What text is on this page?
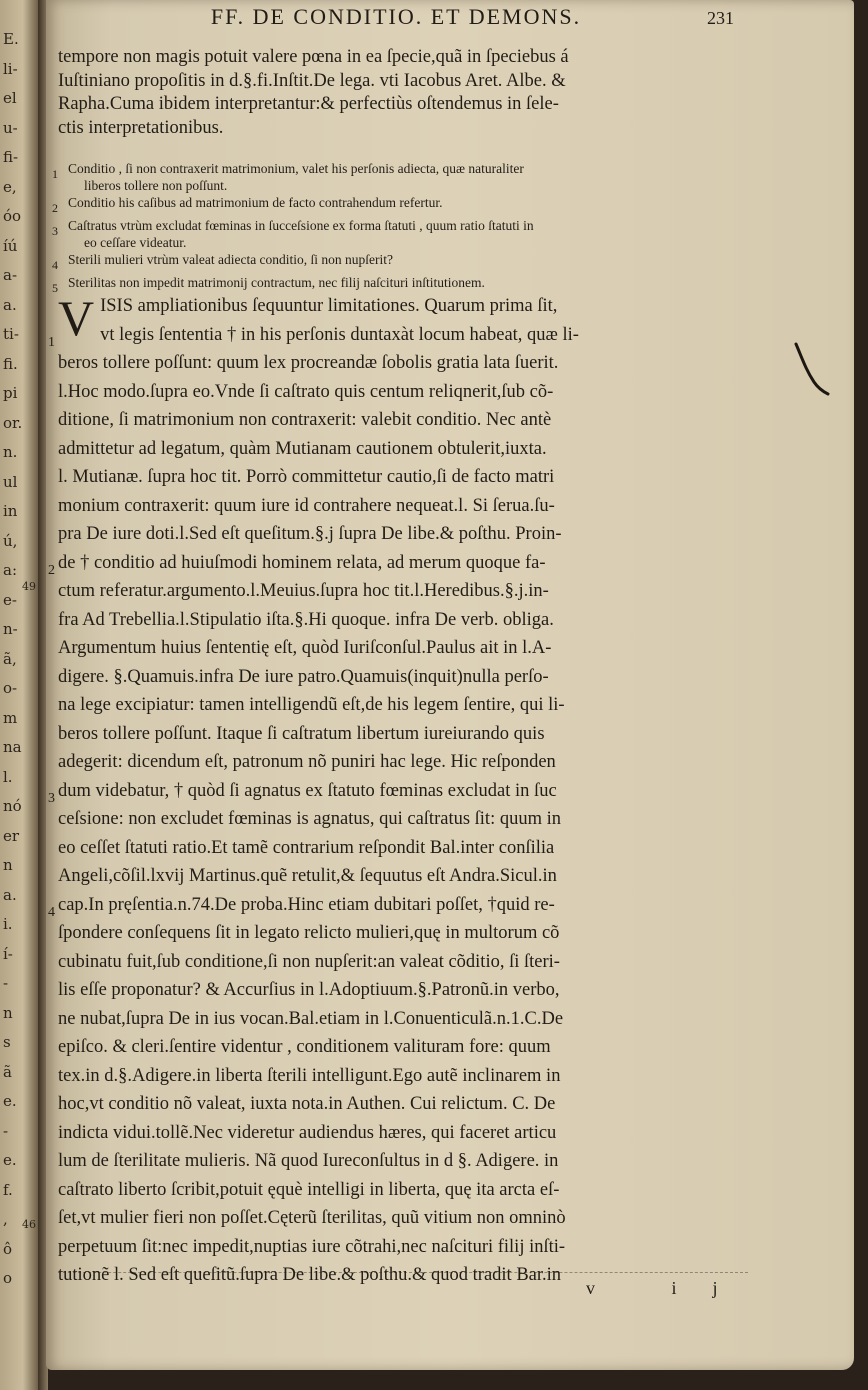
E.
li-
el
u-
fi-
e,
óo
íú
a-
a.
ti-
fi.
pi
or.
n.
ul
in
ú,
a:
e-
n-
ã,
o-
m
na
l.
nó
er
n
a.
i.
í-
-
n
s
ã
e.
-
e.
f.
,
ô
o
49
46
FF. DE CONDITIO. ET DEMONS.	231
tempore non magis potuit valere pœna in ea ſpecie,quã in ſpeciebus á
Iuſtiniano propoſitis in d.§.fi.Inſtit.De lega. vti Iacobus Aret. Albe. &
Rapha.Cuma ibidem interpretantur:& perfectiùs oſtendemus in ſele-
ctis interpretationibus.
1 Conditio , ſi non contraxerit matrimonium, valet his perſonis adiecta, quæ naturaliter
liberos tollere non poſſunt.
2 Conditio his caſibus ad matrimonium de facto contrahendum refertur.
3 Caſtratus vtrùm excludat fœminas in ſucceſsione ex forma ſtatuti , quum ratio ſtatuti in
eo ceſſare videatur.
4 Sterili mulieri vtrùm valeat adiecta conditio, ſi non nupſerit?
5 Sterilitas non impedit matrimonij contractum, nec filij naſcituri inſtitutionem.
V ISIS ampliationibus ſequuntur limitationes. Quarum prima ſit,
vt legis ſententia † in his perſonis duntaxàt locum habeat, quæ li-
beros tollere poſſunt: quum lex procreandæ ſobolis gratia lata ſuerit.
l.Hoc modo.ſupra eo.Vnde ſi caſtrato quis centum reliqnerit,ſub cõ-
ditione, ſi matrimonium non contraxerit: valebit conditio. Nec antè
admittetur ad legatum, quàm Mutianam cautionem obtulerit,iuxta.
l. Mutianæ. ſupra hoc tit. Porrò committetur cautio,ſi de facto matri
monium contraxerit: quum iure id contrahere nequeat.l. Si ſerua.ſu-
pra De iure doti.l.Sed eſt queſitum.§.j ſupra De libe.& poſthu. Proin-
de † conditio ad huiuſmodi hominem relata, ad merum quoque fa-
ctum referatur.argumento.l.Meuius.ſupra hoc tit.l.Heredibus.§.j.in-
fra Ad Trebellia.l.Stipulatio iſta.§.Hi quoque. infra De verb. obliga.
Argumentum huius ſententię eſt, quòd Iuriſconſul.Paulus ait in l.A-
digere. §.Quamuis.infra De iure patro.Quamuis(inquit)nulla perſo-
na lege excipiatur: tamen intelligendũ eſt,de his legem ſentire, qui li-
beros tollere poſſunt. Itaque ſi caſtratum libertum iureiurando quis
adegerit: dicendum eſt, patronum nõ puniri hac lege. Hic reſponden
dum videbatur, † quòd ſi agnatus ex ſtatuto fœminas excludat in ſuc
ceſsione: non excludet fœminas is agnatus, qui caſtratus ſit: quum in
eo ceſſet ſtatuti ratio.Et tamẽ contrarium reſpondit Bal.inter conſilia
Angeli,cõſil.lxvij Martinus.quẽ retulit,& ſequutus eſt Andra.Sicul.in
cap.In pręſentia.n.74.De proba.Hinc etiam dubitari poſſet, †quid re-
ſpondere conſequens ſit in legato relicto mulieri,quę in multorum cõ
cubinatu fuit,ſub conditione,ſi non nupſerit:an valeat cõditio, ſi ſteri-
lis eſſe proponatur? & Accurſius in l.Adoptiuum.§.Patronũ.in verbo,
ne nubat,ſupra De in ius vocan.Bal.etiam in l.Conuenticulã.n.1.C.De
epiſco. & cleri.ſentire videntur , conditionem valituram fore: quum
tex.in d.§.Adigere.in liberta ſterili intelligunt.Ego autẽ inclinarem in
hoc,vt conditio nõ valeat, iuxta nota.in Authen. Cui relictum. C. De
indicta vidui.tollẽ.Nec videretur audiendus hæres, qui faceret articu
lum de ſterilitate mulieris. Nã quod Iureconſultus in d §. Adigere. in
caſtrato liberto ſcribit,potuit ęquè intelligi in liberta, quę ita arcta eſ-
ſet,vt mulier fieri non poſſet.Cęterũ ſterilitas, quũ vitium non omninò
perpetuum ſit:nec impedit,nuptias iure cõtrahi,nec naſcituri filij inſti-
tutionẽ l. Sed eſt queſitũ.ſupra De libe.& poſthu.& quod tradit Bar.in
1
2
3
4
v ij
